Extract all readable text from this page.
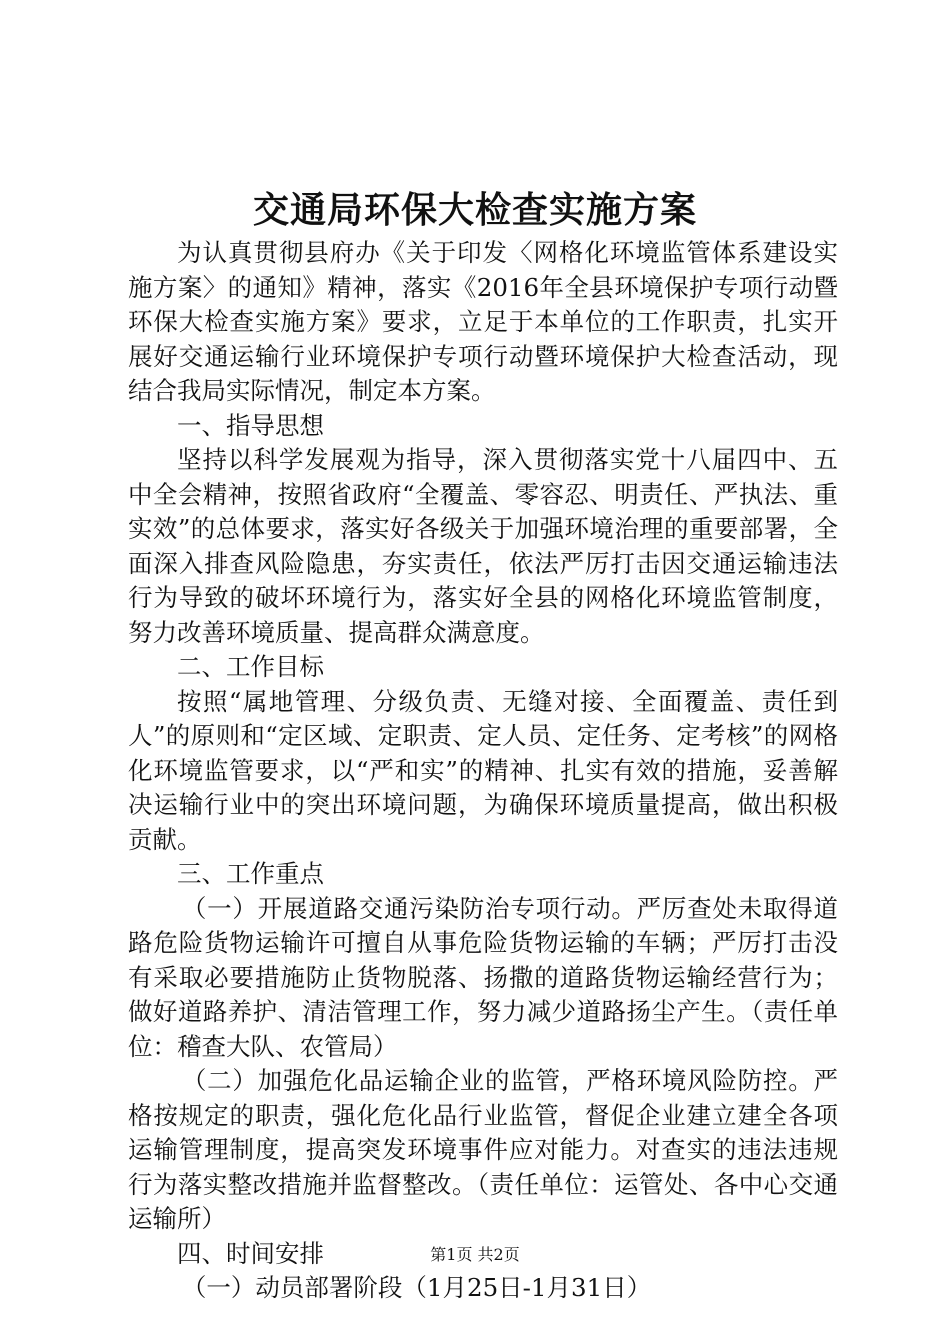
交通局环保大检查实施方案

为认真贯彻县府办《关于印发〈网格化环境监管体系建设实施方案〉的通知》精神，落实《2016年全县环境保护专项行动暨环保大检查实施方案》要求，立足于本单位的工作职责，扎实开展好交通运输行业环境保护专项行动暨环境保护大检查活动，现结合我局实际情况，制定本方案。

一、指导思想

坚持以科学发展观为指导，深入贯彻落实党十八届四中、五中全会精神，按照省政府“全覆盖、零容忍、明责任、严执法、重实效”的总体要求，落实好各级关于加强环境治理的重要部署，全面深入排查风险隐患，夯实责任，依法严厉打击因交通运输违法行为导致的破坏环境行为，落实好全县的网格化环境监管制度，努力改善环境质量、提高群众满意度。

二、工作目标

按照“属地管理、分级负责、无缝对接、全面覆盖、责任到人”的原则和“定区域、定职责、定人员、定任务、定考核”的网格化环境监管要求，以“严和实”的精神、扎实有效的措施，妥善解决运输行业中的突出环境问题，为确保环境质量提高，做出积极贡献。

三、工作重点

（一）开展道路交通污染防治专项行动。严厉查处未取得道路危险货物运输许可擅自从事危险货物运输的车辆；严厉打击没有采取必要措施防止货物脱落、扬撒的道路货物运输经营行为；做好道路养护、清洁管理工作，努力减少道路扬尘产生。（责任单位：稽查大队、农管局）

（二）加强危化品运输企业的监管，严格环境风险防控。严格按规定的职责，强化危化品行业监管，督促企业建立建全各项运输管理制度，提高突发环境事件应对能力。对查实的违法违规行为落实整改措施并监督整改。（责任单位：运管处、各中心交通运输所）

四、时间安排

（一）动员部署阶段（1月25日-1月31日）

第1页 共2页
